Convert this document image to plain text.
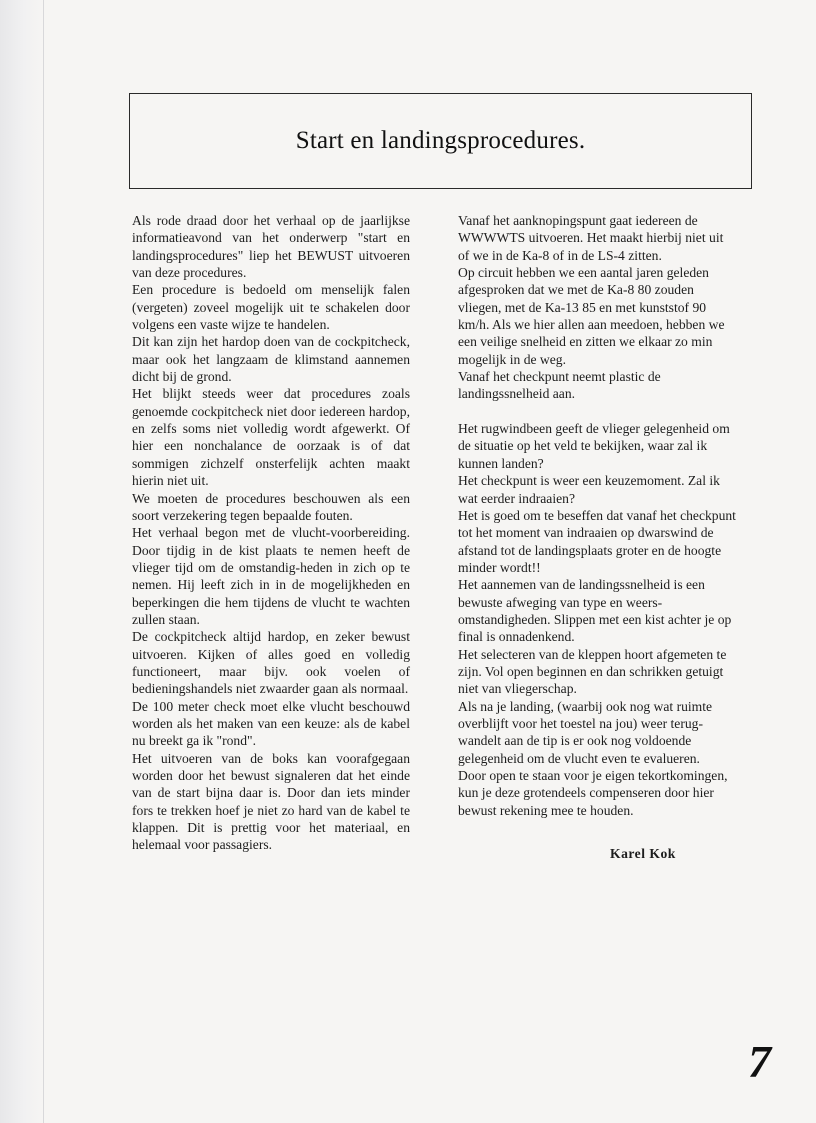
Start en landingsprocedures.

Als rode draad door het verhaal op de jaarlijkse informatieavond van het onderwerp "start en landingsprocedures" liep het BEWUST uitvoeren van deze procedures.

Een procedure is bedoeld om menselijk falen (vergeten) zoveel mogelijk uit te schakelen door volgens een vaste wijze te handelen.

Dit kan zijn het hardop doen van de cockpitcheck, maar ook het langzaam de klimstand aannemen dicht bij de grond.

Het blijkt steeds weer dat procedures zoals genoemde cockpitcheck niet door iedereen hardop, en zelfs soms niet volledig wordt afgewerkt. Of hier een nonchalance de oorzaak is of dat sommigen zichzelf onsterfelijk achten maakt hierin niet uit.

We moeten de procedures beschouwen als een soort verzekering tegen bepaalde fouten.

Het verhaal begon met de vlucht-voorbereiding. Door tijdig in de kist plaats te nemen heeft de vlieger tijd om de omstandig-heden in zich op te nemen. Hij leeft zich in in de mogelijkheden en beperkingen die hem tijdens de vlucht te wachten zullen staan.

De cockpitcheck altijd hardop, en zeker bewust uitvoeren. Kijken of alles goed en volledig functioneert, maar bijv. ook voelen of bedieningshandels niet zwaarder gaan als normaal.

De 100 meter check moet elke vlucht beschouwd worden als het maken van een keuze: als de kabel nu breekt ga ik "rond".

Het uitvoeren van de boks kan voorafgegaan worden door het bewust signaleren dat het einde van de start bijna daar is. Door dan iets minder fors te trekken hoef je niet zo hard van de kabel te klappen. Dit is prettig voor het materiaal, en helemaal voor passagiers.

Vanaf het aanknopingspunt gaat iedereen de WWWWTS uitvoeren. Het maakt hierbij niet uit of we in de Ka-8 of in de LS-4 zitten.

Op circuit hebben we een aantal jaren geleden afgesproken dat we met de Ka-8 80 zouden vliegen, met de Ka-13 85 en met kunststof 90 km/h. Als we hier allen aan meedoen, hebben we een veilige snelheid en zitten we elkaar zo min mogelijk in de weg.

Vanaf het checkpunt neemt plastic de landingssnelheid aan.

Het rugwindbeen geeft de vlieger gelegenheid om de situatie op het veld te bekijken, waar zal ik kunnen landen?

Het checkpunt is weer een keuzemoment. Zal ik wat eerder indraaien?

Het is goed om te beseffen dat vanaf het checkpunt tot het moment van indraaien op dwarswind de afstand tot de landingsplaats groter en de hoogte minder wordt!!

Het aannemen van de landingssnelheid is een bewuste afweging van type en weers-omstandigheden. Slippen met een kist achter je op final is onnadenkend.

Het selecteren van de kleppen hoort afgemeten te zijn. Vol open beginnen en dan schrikken getuigt niet van vliegerschap.

Als na je landing, (waarbij ook nog wat ruimte overblijft voor het toestel na jou) weer terug-wandelt aan de tip is er ook nog voldoende gelegenheid om de vlucht even te evalueren.

Door open te staan voor je eigen tekortkomingen, kun je deze grotendeels compenseren door hier bewust rekening mee te houden.

Karel Kok
7
